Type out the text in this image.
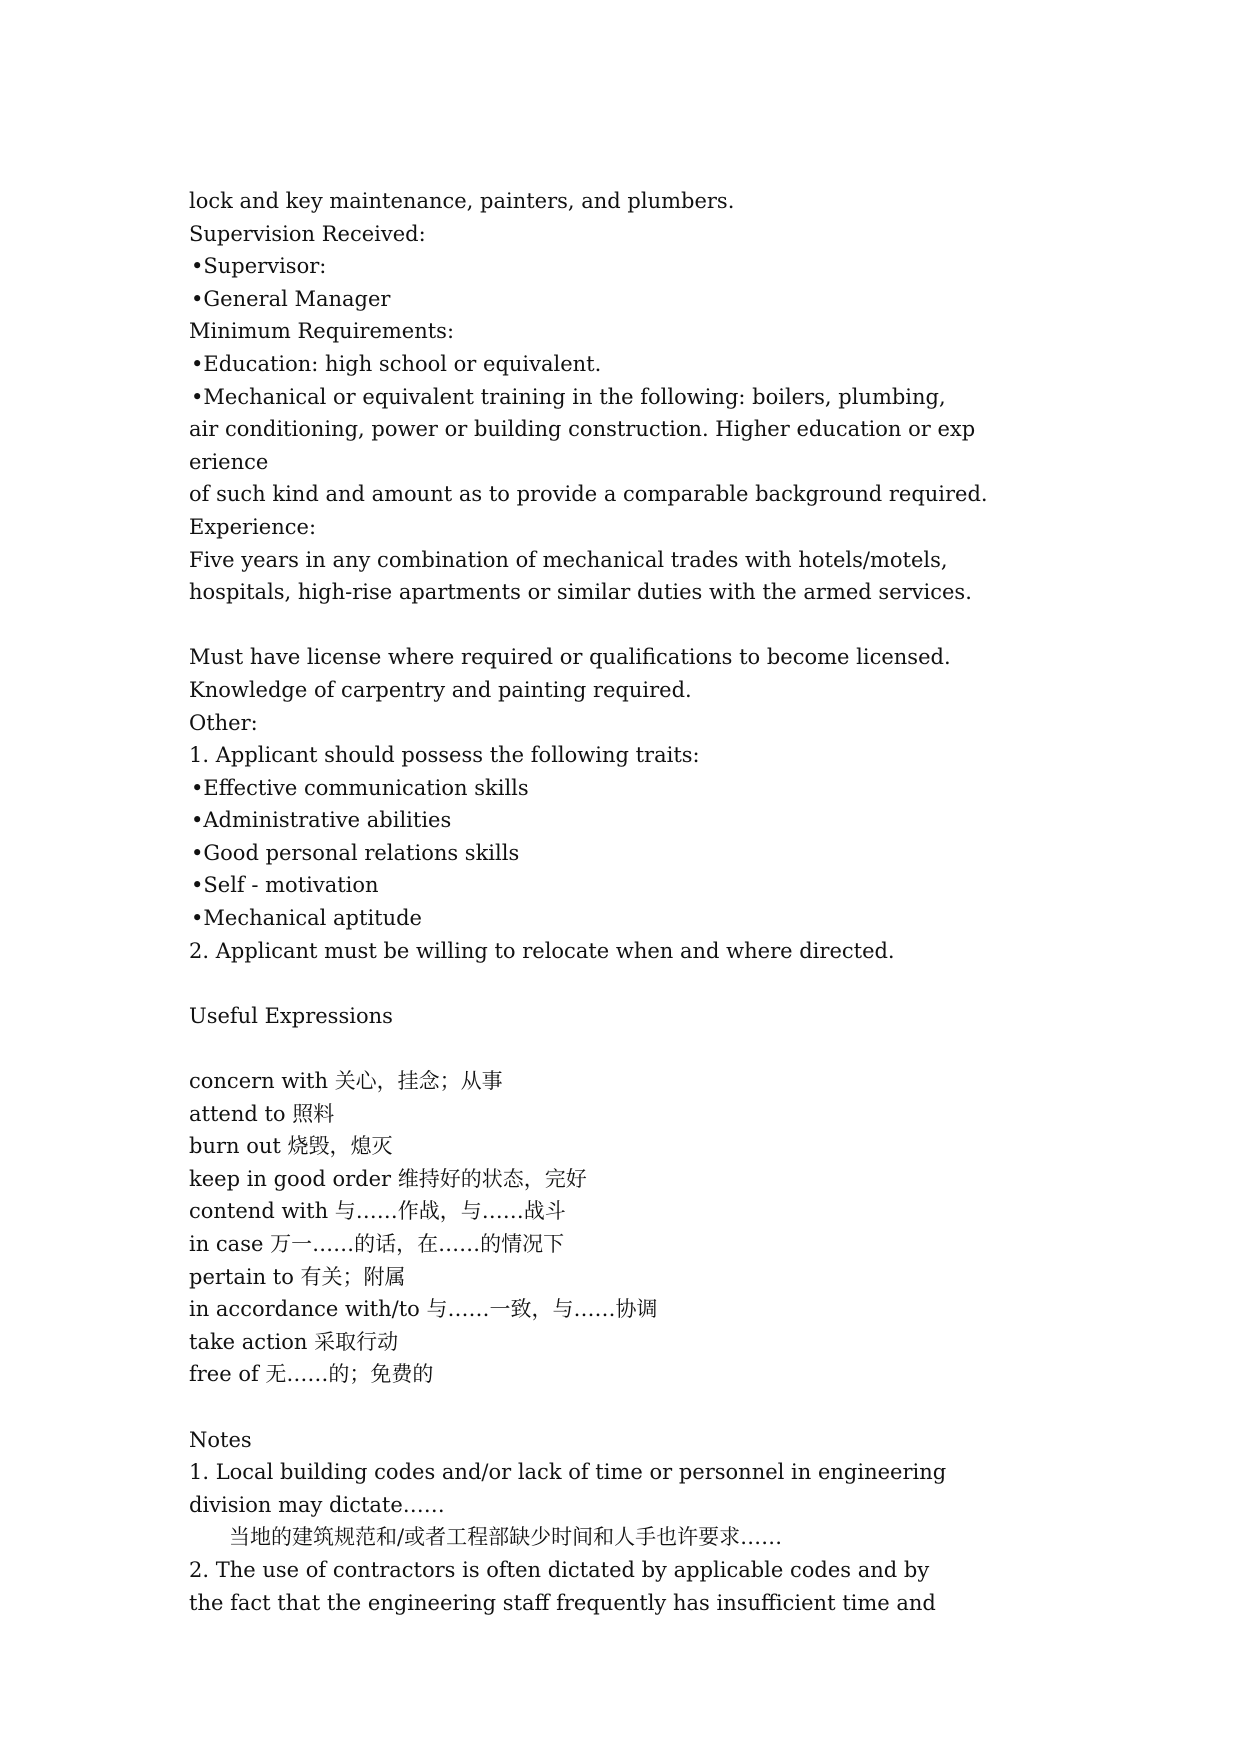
lock and key maintenance, painters, and plumbers.
Supervision Received:
•Supervisor:
•General Manager
Minimum Requirements:
•Education: high school or equivalent.
•Mechanical or equivalent training in the following: boilers, plumbing,
air conditioning, power or building construction. Higher education or exp
erience
of such kind and amount as to provide a comparable background required.
Experience:
Five years in any combination of mechanical trades with hotels/motels,
hospitals, high-rise apartments or similar duties with the armed services.
Must have license where required or qualifications to become licensed.
Knowledge of carpentry and painting required.
Other:
1. Applicant should possess the following traits:
•Effective communication skills
•Administrative abilities
•Good personal relations skills
•Self - motivation
•Mechanical aptitude
2. Applicant must be willing to relocate when and where directed.
Useful Expressions
concern with 关心，挂念；从事
attend to 照料
burn out 烧毁，熄灭
keep in good order 维持好的状态，完好
contend with 与……作战，与……战斗
in case 万一……的话，在……的情况下
pertain to 有关；附属
in accordance with/to 与……一致，与……协调
take action 采取行动
free of 无……的；免费的
Notes
1. Local building codes and/or lack of time or personnel in engineering
division may dictate……
当地的建筑规范和/或者工程部缺少时间和人手也许要求……
2. The use of contractors is often dictated by applicable codes and by
the fact that the engineering staff frequently has insufficient time and
